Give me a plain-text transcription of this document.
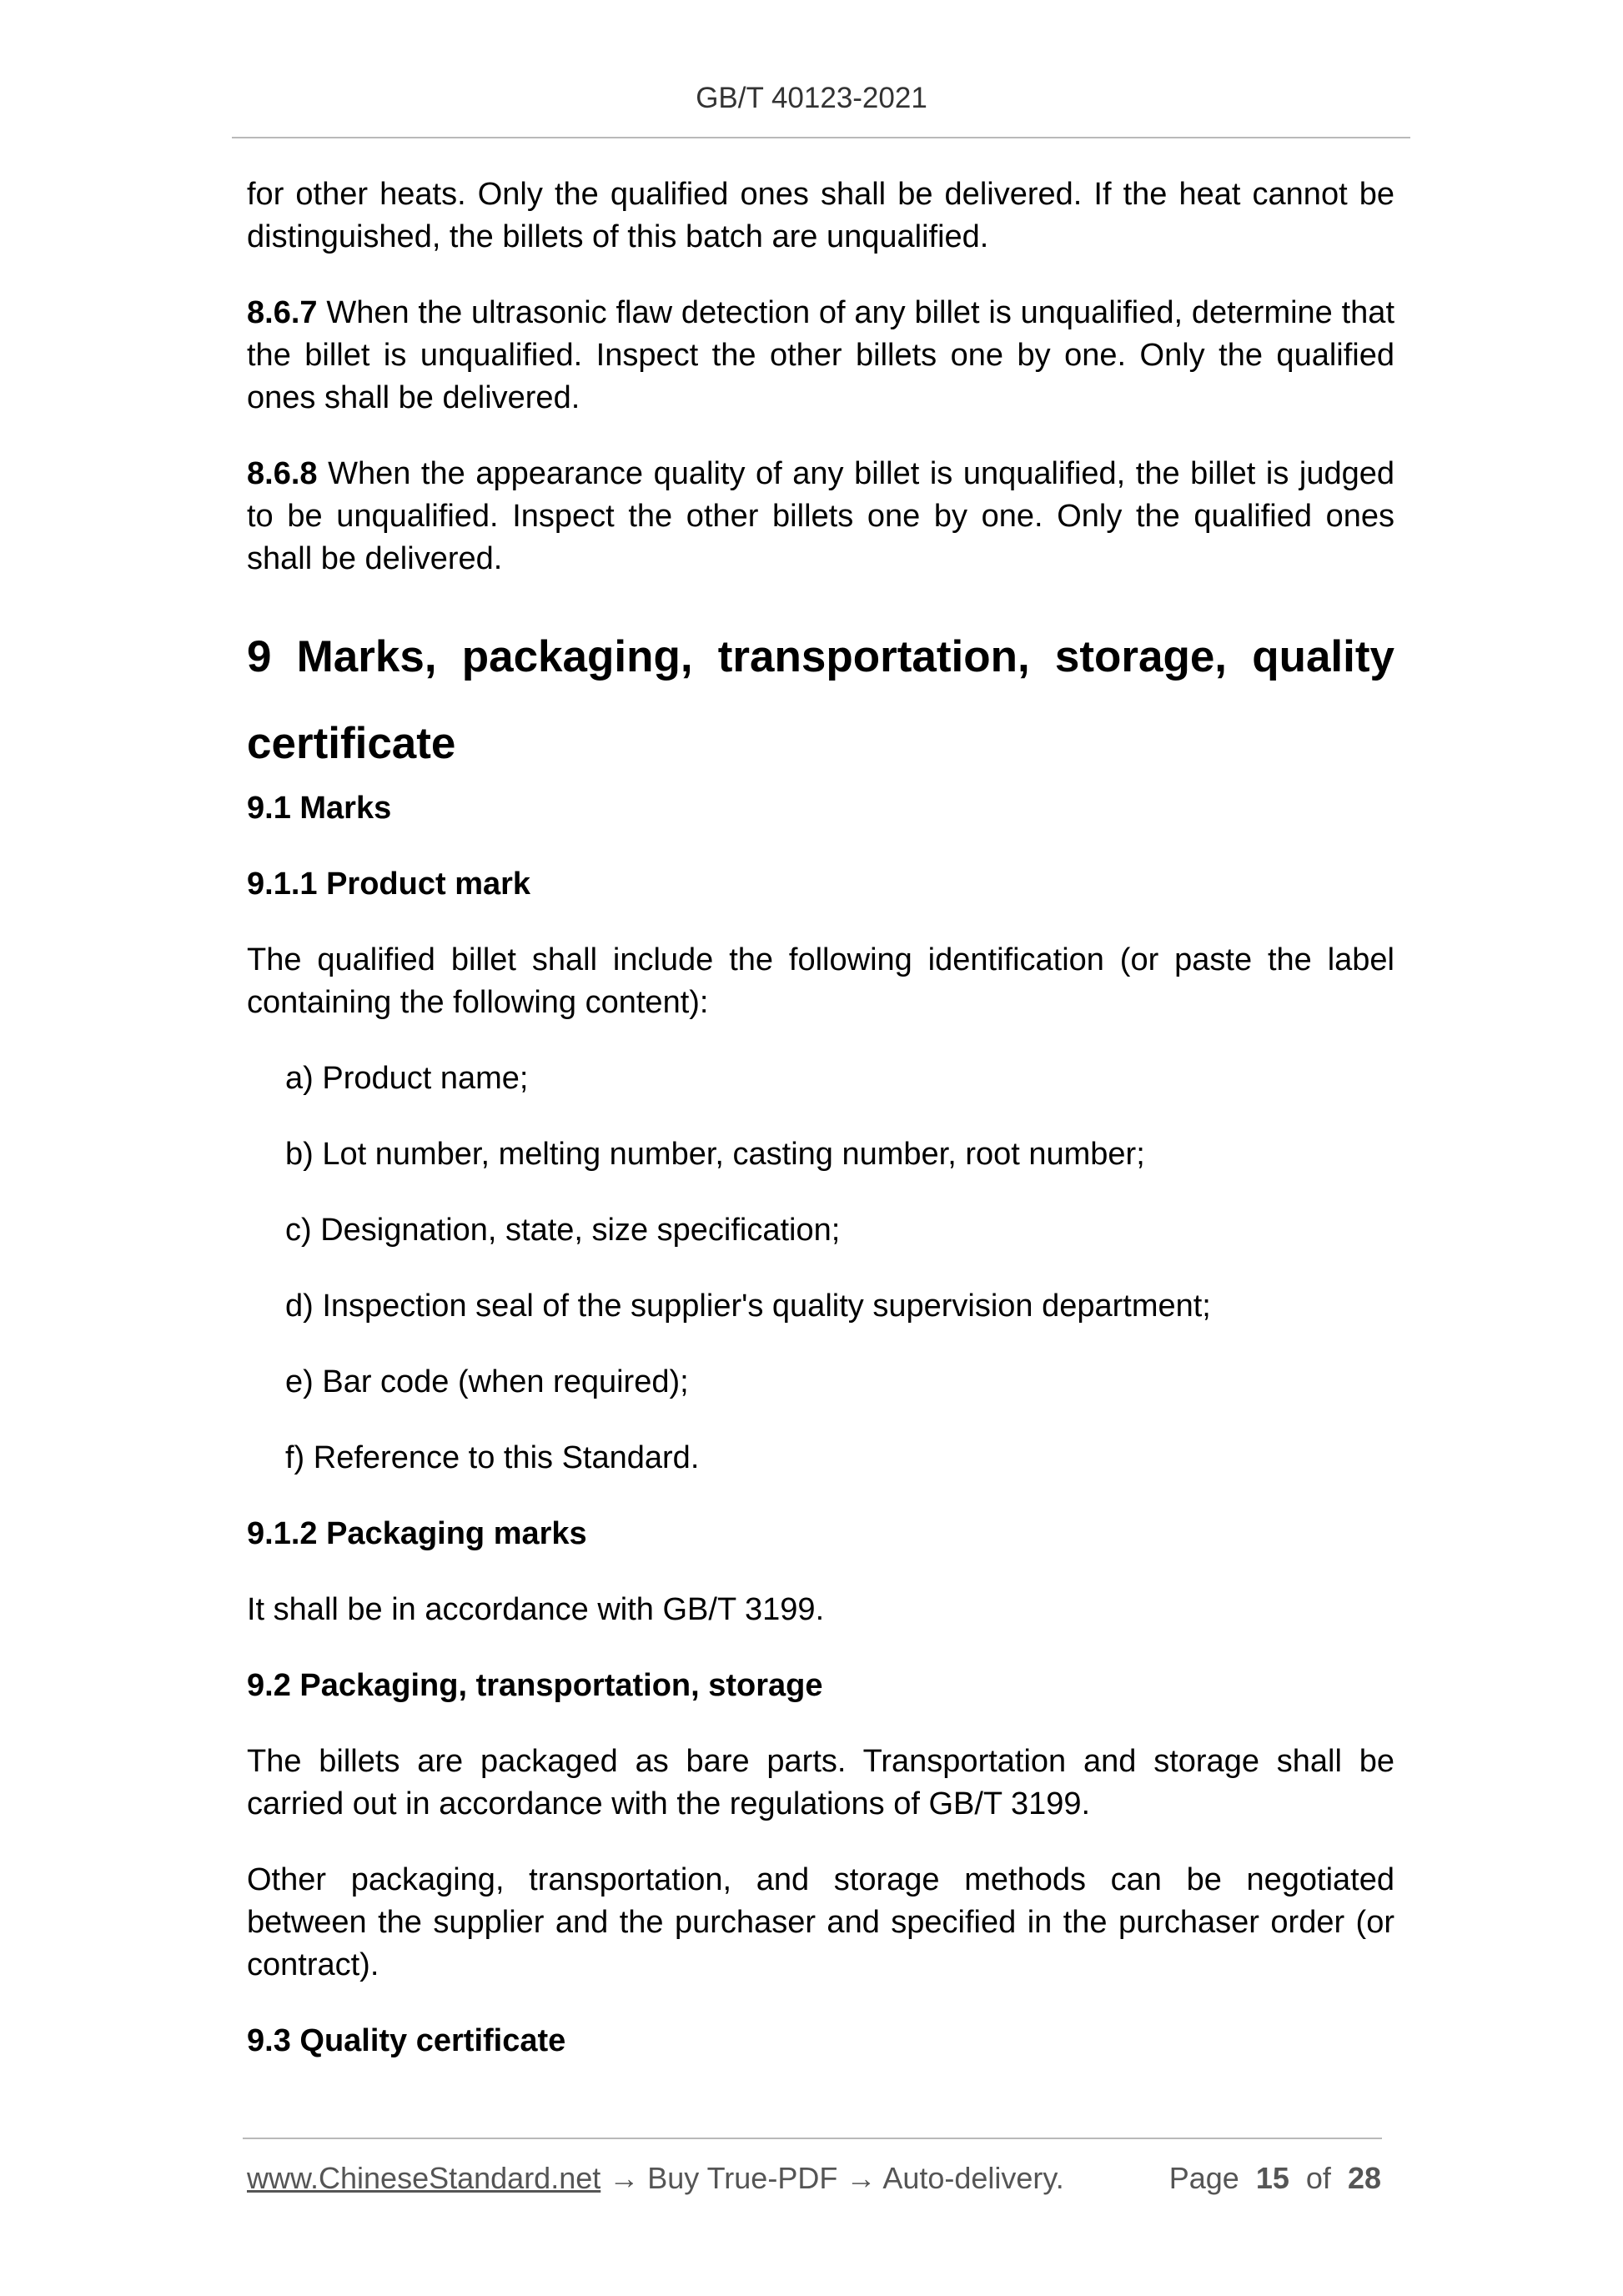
GB/T 40123-2021

for other heats. Only the qualified ones shall be delivered. If the heat cannot be distinguished, the billets of this batch are unqualified.

8.6.7 When the ultrasonic flaw detection of any billet is unqualified, determine that the billet is unqualified. Inspect the other billets one by one. Only the qualified ones shall be delivered.

8.6.8 When the appearance quality of any billet is unqualified, the billet is judged to be unqualified. Inspect the other billets one by one. Only the qualified ones shall be delivered.

9 Marks, packaging, transportation, storage, quality certificate

9.1 Marks

9.1.1 Product mark

The qualified billet shall include the following identification (or paste the label containing the following content):

a) Product name;

b) Lot number, melting number, casting number, root number;

c) Designation, state, size specification;

d) Inspection seal of the supplier's quality supervision department;

e) Bar code (when required);

f) Reference to this Standard.

9.1.2 Packaging marks

It shall be in accordance with GB/T 3199.

9.2 Packaging, transportation, storage

The billets are packaged as bare parts. Transportation and storage shall be carried out in accordance with the regulations of GB/T 3199.

Other packaging, transportation, and storage methods can be negotiated between the supplier and the purchaser and specified in the purchaser order (or contract).

9.3 Quality certificate

www.ChineseStandard.net → Buy True-PDF → Auto-delivery.	Page 15 of 28
